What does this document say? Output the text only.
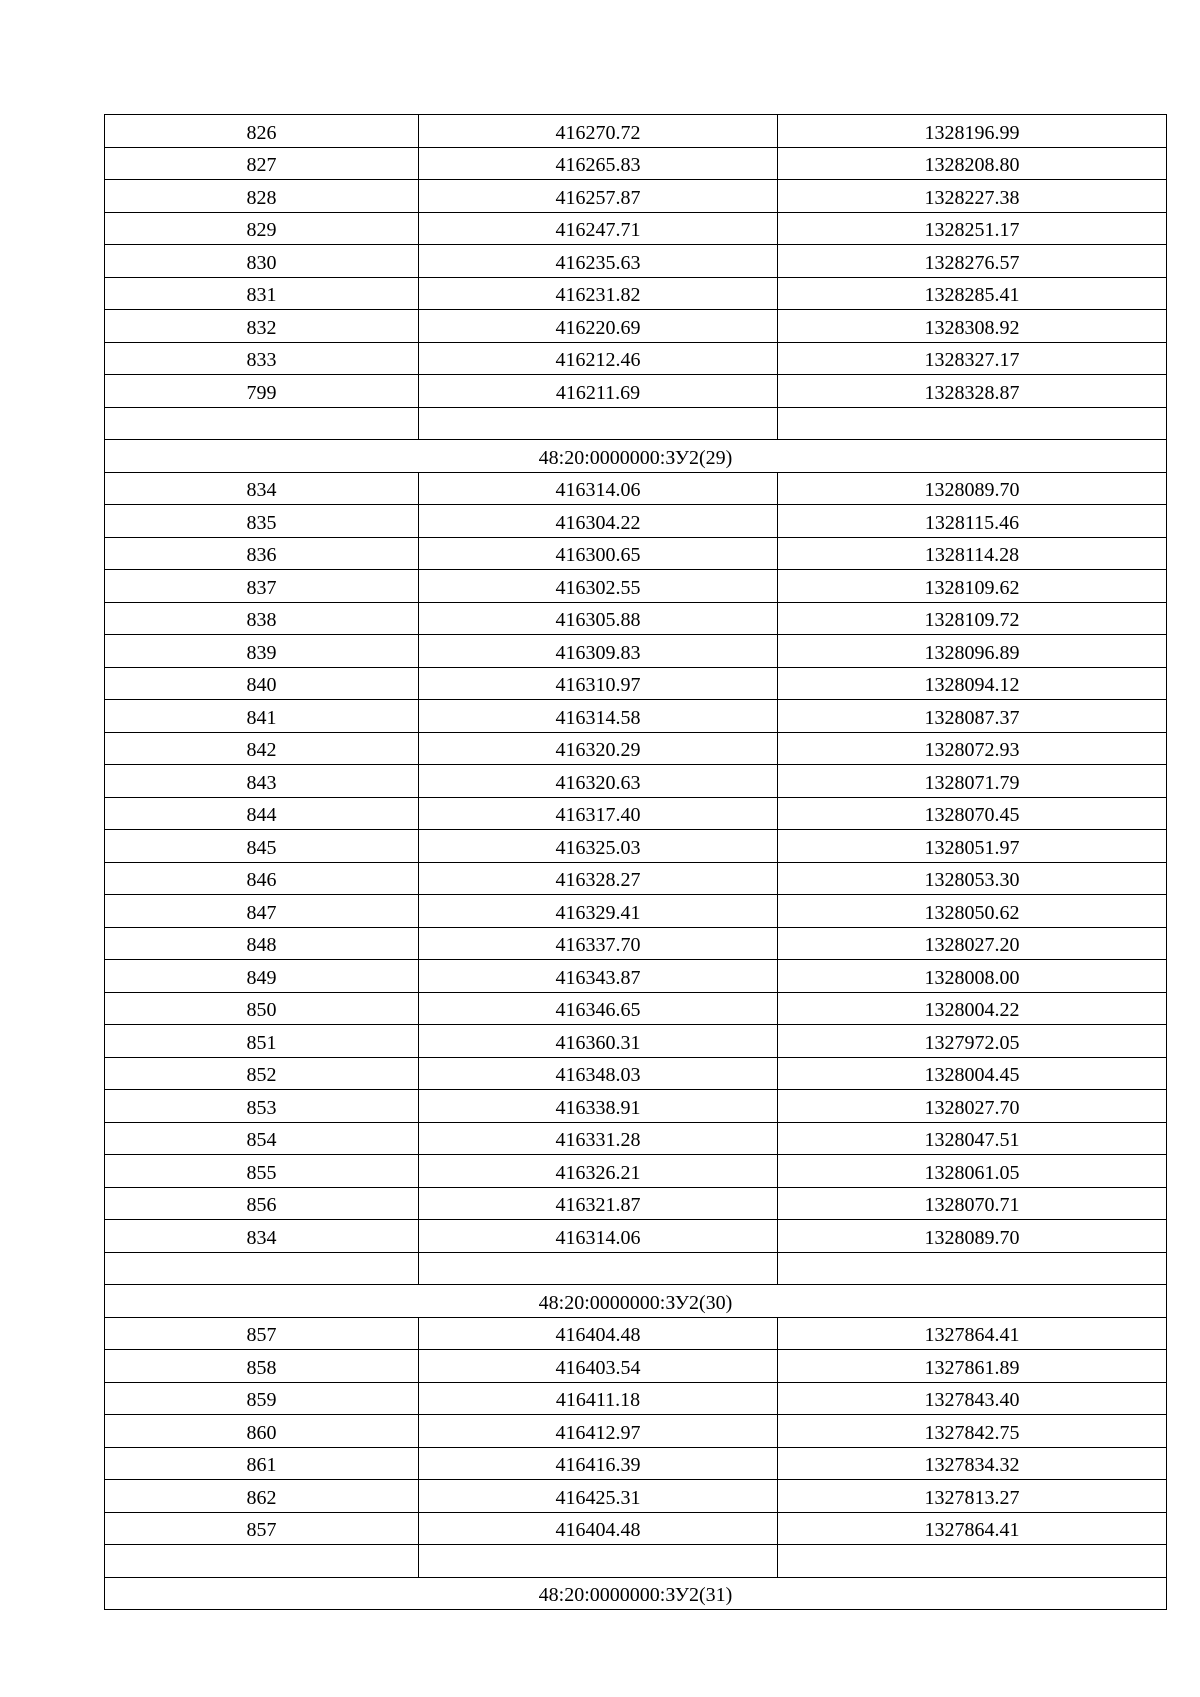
826	416270.72	1328196.99
827	416265.83	1328208.80
828	416257.87	1328227.38
829	416247.71	1328251.17
830	416235.63	1328276.57
831	416231.82	1328285.41
832	416220.69	1328308.92
833	416212.46	1328327.17
799	416211.69	1328328.87

48:20:0000000:ЗУ2(29)		
834	416314.06	1328089.70
835	416304.22	1328115.46
836	416300.65	1328114.28
837	416302.55	1328109.62
838	416305.88	1328109.72
839	416309.83	1328096.89
840	416310.97	1328094.12
841	416314.58	1328087.37
842	416320.29	1328072.93
843	416320.63	1328071.79
844	416317.40	1328070.45
845	416325.03	1328051.97
846	416328.27	1328053.30
847	416329.41	1328050.62
848	416337.70	1328027.20
849	416343.87	1328008.00
850	416346.65	1328004.22
851	416360.31	1327972.05
852	416348.03	1328004.45
853	416338.91	1328027.70
854	416331.28	1328047.51
855	416326.21	1328061.05
856	416321.87	1328070.71
834	416314.06	1328089.70

48:20:0000000:ЗУ2(30)		
857	416404.48	1327864.41
858	416403.54	1327861.89
859	416411.18	1327843.40
860	416412.97	1327842.75
861	416416.39	1327834.32
862	416425.31	1327813.27
857	416404.48	1327864.41

48:20:0000000:ЗУ2(31)		
